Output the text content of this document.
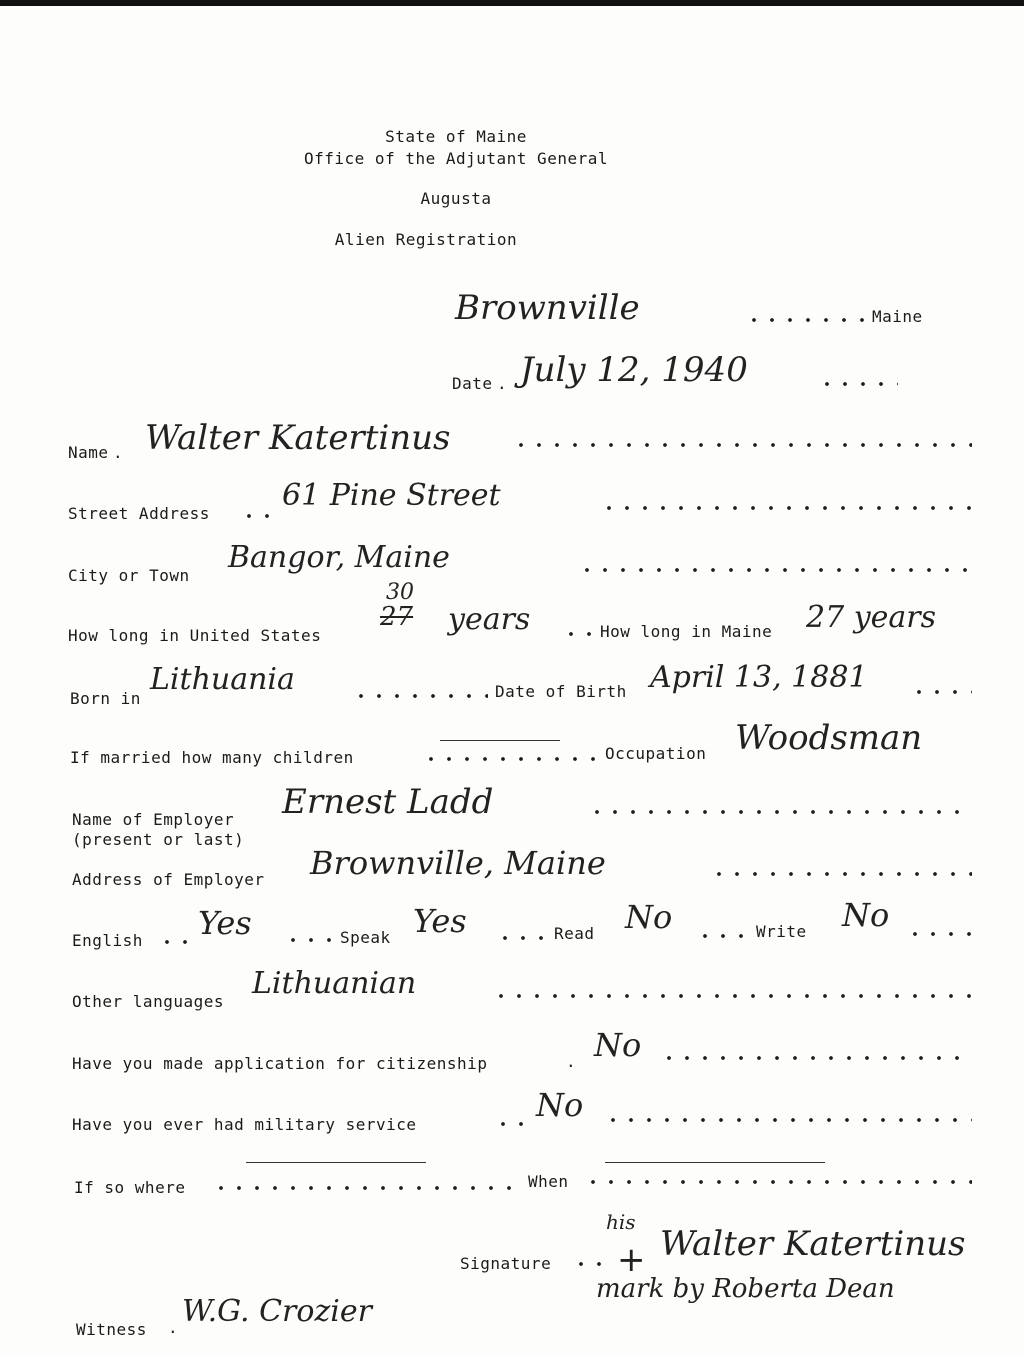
State of Maine
Office of the Adjutant General
Augusta
Alien Registration
Brownville	Maine
Date . July 12, 1940
Name . Walter Katertinus
Street Address
61 Pine Street
City or Town
Bangor, Maine
How long in United States
30
27 years	How long in Maine 27 years
Born in
Lithuania	Date of Birth April 13, 1881
If married how many children	Occupation Woodsman
Name of Employer
(present or last)
Ernest Ladd
Address of Employer Brownville, Maine
English Yes	Speak Yes	Read No	Write No
Other languages
Lithuanian
Have you made application for citizenship	. No
Have you ever had military service
No
If so where	When
Signature
his
+ Walter Katertinus
mark by Roberta Dean
Witness . W.G. Crozier
